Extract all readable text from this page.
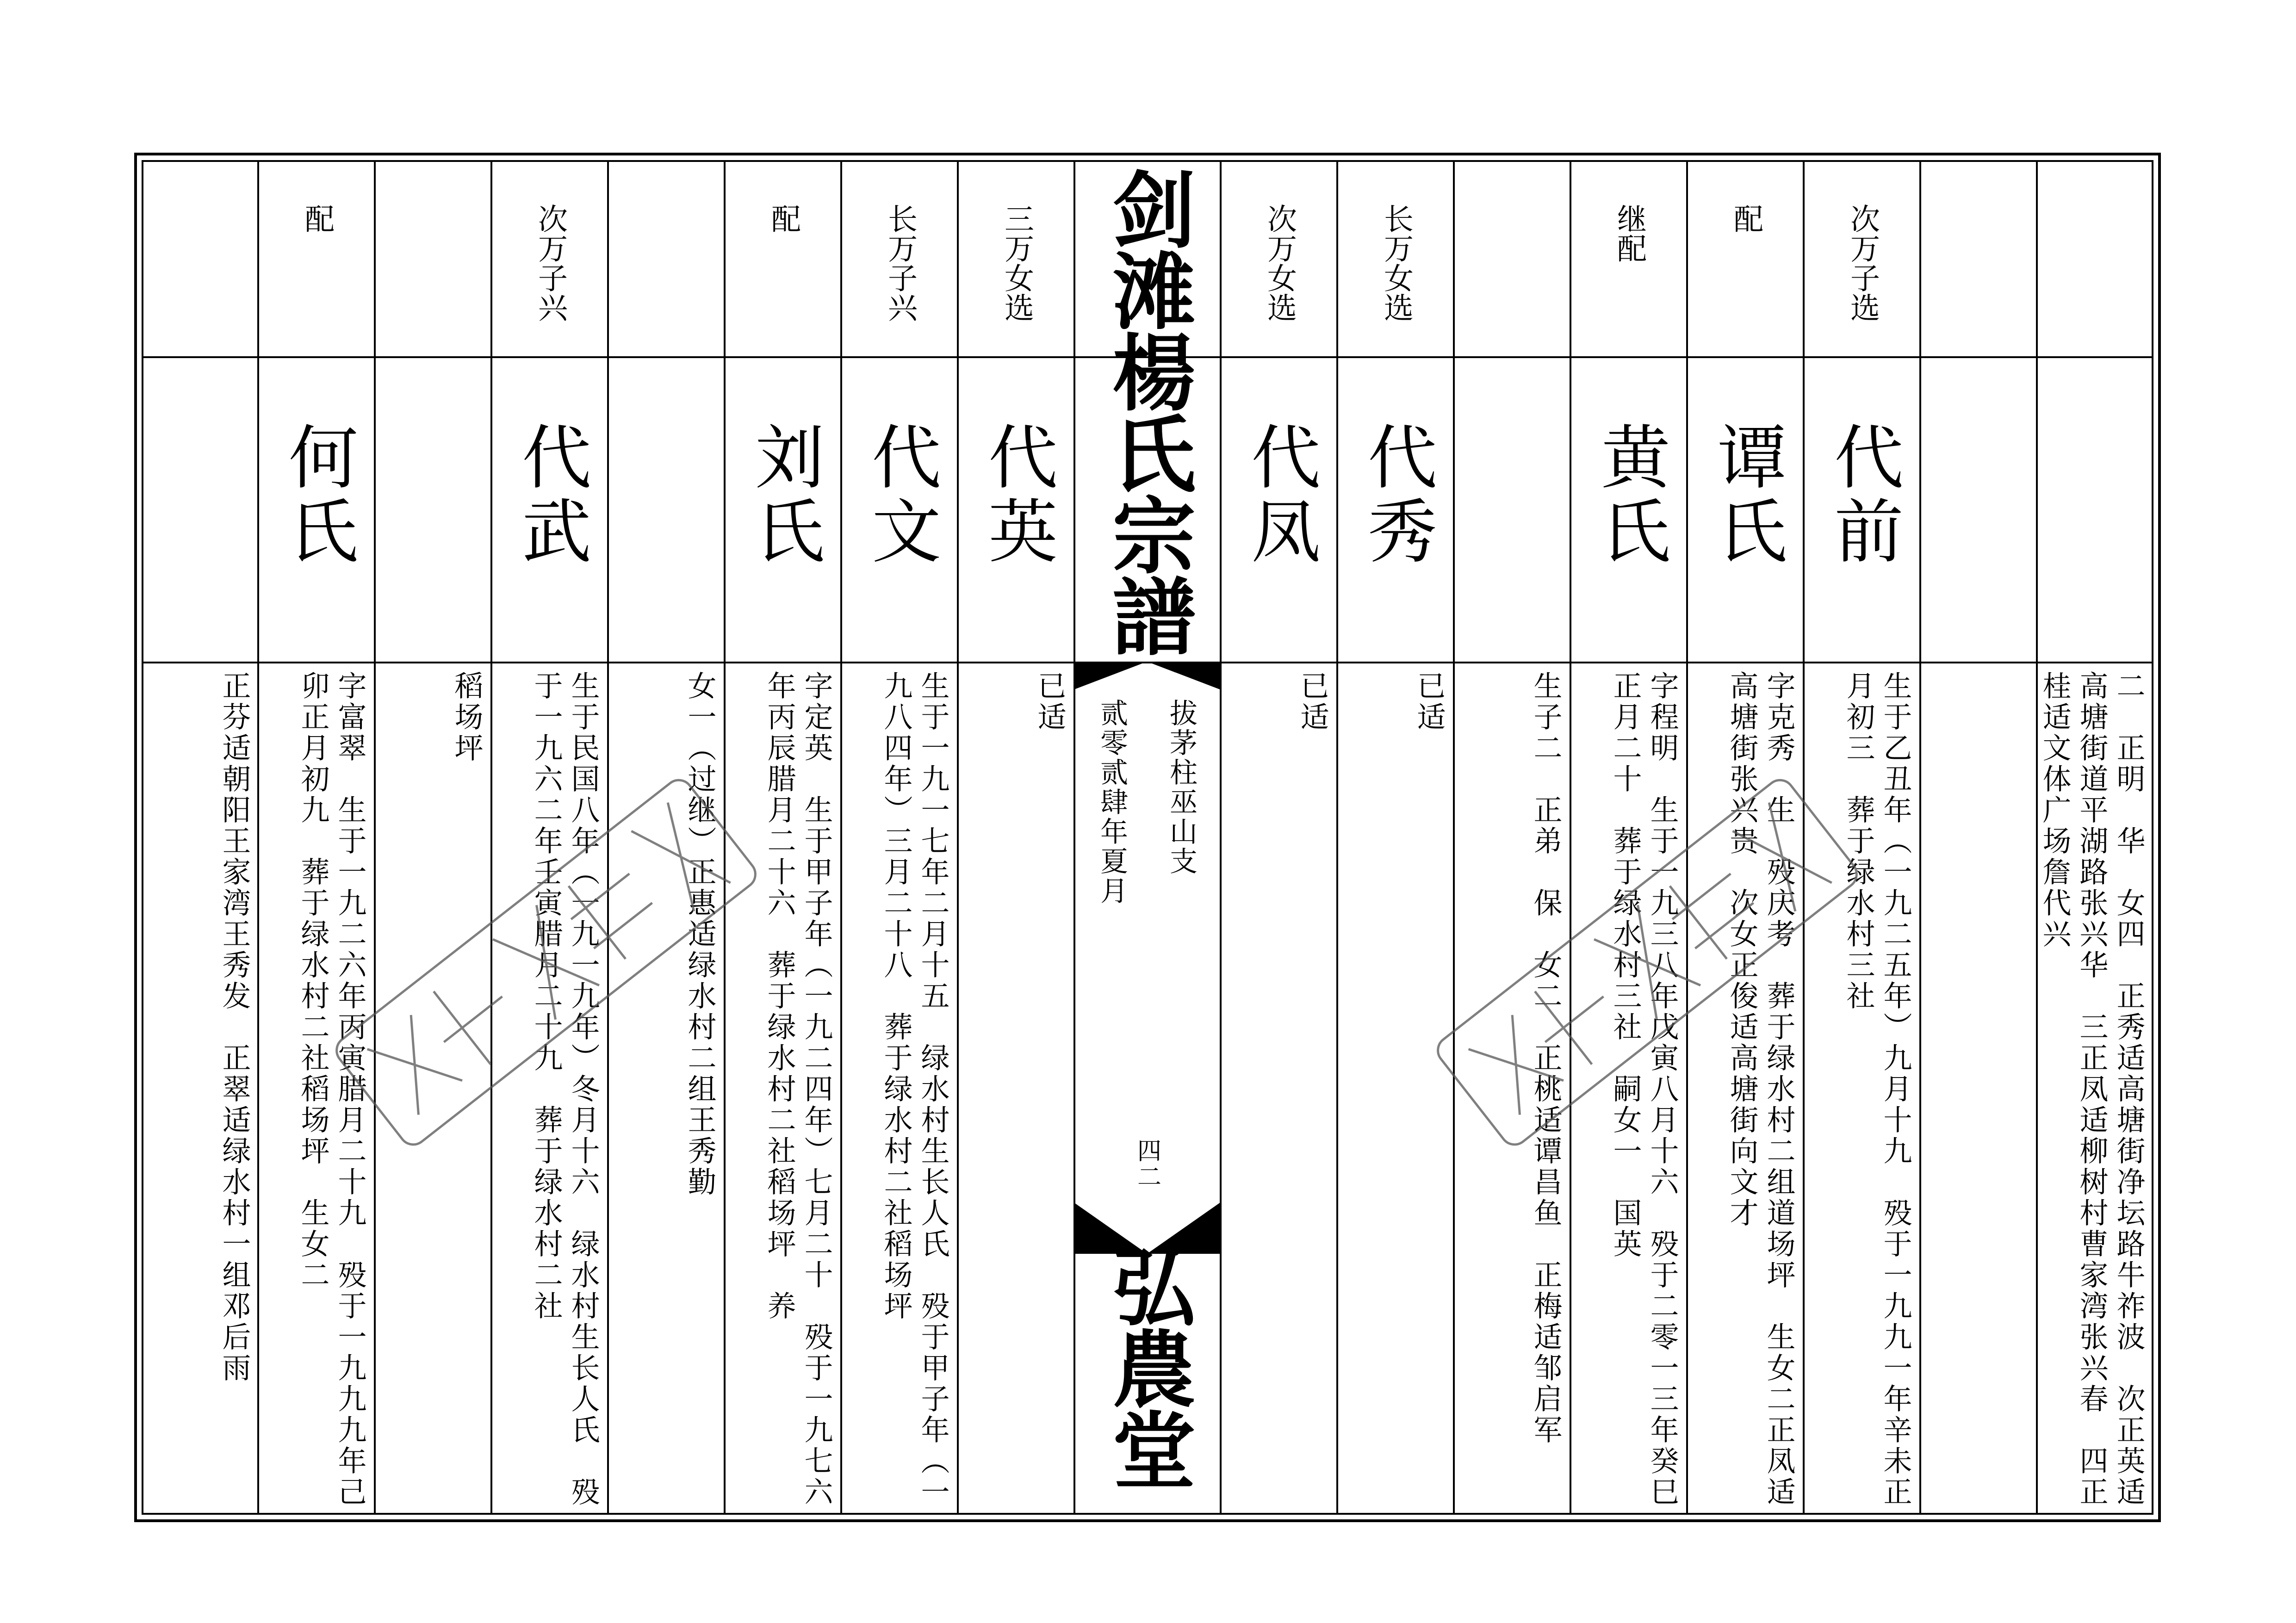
剑滩楊氏宗譜
拔茅柱巫山支
贰零贰肆年夏月
四二
弘農堂	二　正明　华　女四　正秀适高塘街净坛路牛祚波　次正英适高塘街道平湖路张兴华　三正凤适柳树村曹家湾张兴春　四正桂适文体广场詹代兴
次万子选
代前
生于乙丑年（一九二五年）九月十九　殁于一九九一年辛未正月初三　葬于绿水村三社
配
谭氏
字克秀　生　殁庆考　葬于绿水村二组道场坪　生女二正凤适高塘街张兴贵　次女正俊适高塘街向文才
继配
黄氏
字程明　生于一九三八年戊寅八月十六　殁于二零一三年癸巳正月二十　葬于绿水村三社　嗣女一　国英
生子二　正弟　保　女二　正桃适谭昌鱼　正梅适邹启军
长万女选
代秀
已适
次万女选
代凤
已适
三万女选
代英
已适
长万子兴
代文
生于一九一七年二月十五　绿水村生长人氏　殁于甲子年（一九八四年）三月二十八　葬于绿水村二社稻场坪
配
刘氏
字定英　生于甲子年（一九二四年）七月二十　殁于一九七六年丙辰腊月二十六　葬于绿水村二社稻场坪　养
女一（过继）正惠适绿水村二组王秀勤
次万子兴
代武
生于民国八年（一九一九年）冬月十六　绿水村生长人氏　殁于一九六二年壬寅腊月二十九　葬于绿水村二社
稻场坪
配
何氏
字富翠　生于一九二六年丙寅腊月二十九　殁于一九九九年己卯正月初九　葬于绿水村二社稻场坪　生女二
正芬适朝阳王家湾王秀发　正翠适绿水村一组邓后雨
